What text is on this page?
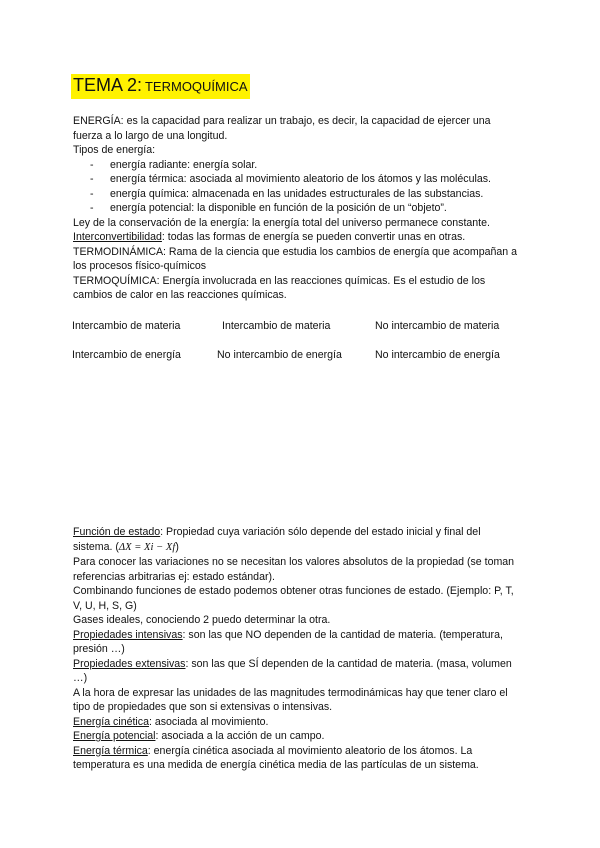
TEMA 2: TERMOQUÍMICA

ENERGÍA: es la capacidad para realizar un trabajo, es decir, la capacidad de ejercer una fuerza a lo largo de una longitud.

Tipos de energía:

- energía radiante: energía solar.
- energía térmica: asociada al movimiento aleatorio de los átomos y las moléculas.
- energía química: almacenada en las unidades estructurales de las substancias.
- energía potencial: la disponible en función de la posición de un “objeto”.

Ley de la conservación de la energía: la energía total del universo permanece constante.

Interconvertibilidad: todas las formas de energía se pueden convertir unas en otras.

TERMODINÁMICA: Rama de la ciencia que estudia los cambios de energía que acompañan a los procesos físico-químicos

TERMOQUÍMICA: Energía involucrada en las reacciones químicas. Es el estudio de los cambios de calor en las reacciones químicas.

Intercambio de materia	Intercambio de materia	No intercambio de materia
Intercambio de energía	No intercambio de energía	No intercambio de energía

Función de estado: Propiedad cuya variación sólo depende del estado inicial y final del sistema. (ΔX = Xi − Xf)

Para conocer las variaciones no se necesitan los valores absolutos de la propiedad (se toman referencias arbitrarias ej: estado estándar).

Combinando funciones de estado podemos obtener otras funciones de estado. (Ejemplo: P, T, V, U, H, S, G)

Gases ideales, conociendo 2 puedo determinar la otra.

Propiedades intensivas: son las que NO dependen de la cantidad de materia. (temperatura, presión …)

Propiedades extensivas: son las que SÍ dependen de la cantidad de materia. (masa, volumen …)

A la hora de expresar las unidades de las magnitudes termodinámicas hay que tener claro el tipo de propiedades que son si extensivas o intensivas.

Energía cinética: asociada al movimiento.

Energía potencial: asociada a la acción de un campo.

Energía térmica: energía cinética asociada al movimiento aleatorio de los átomos. La temperatura es una medida de energía cinética media de las partículas de un sistema.
